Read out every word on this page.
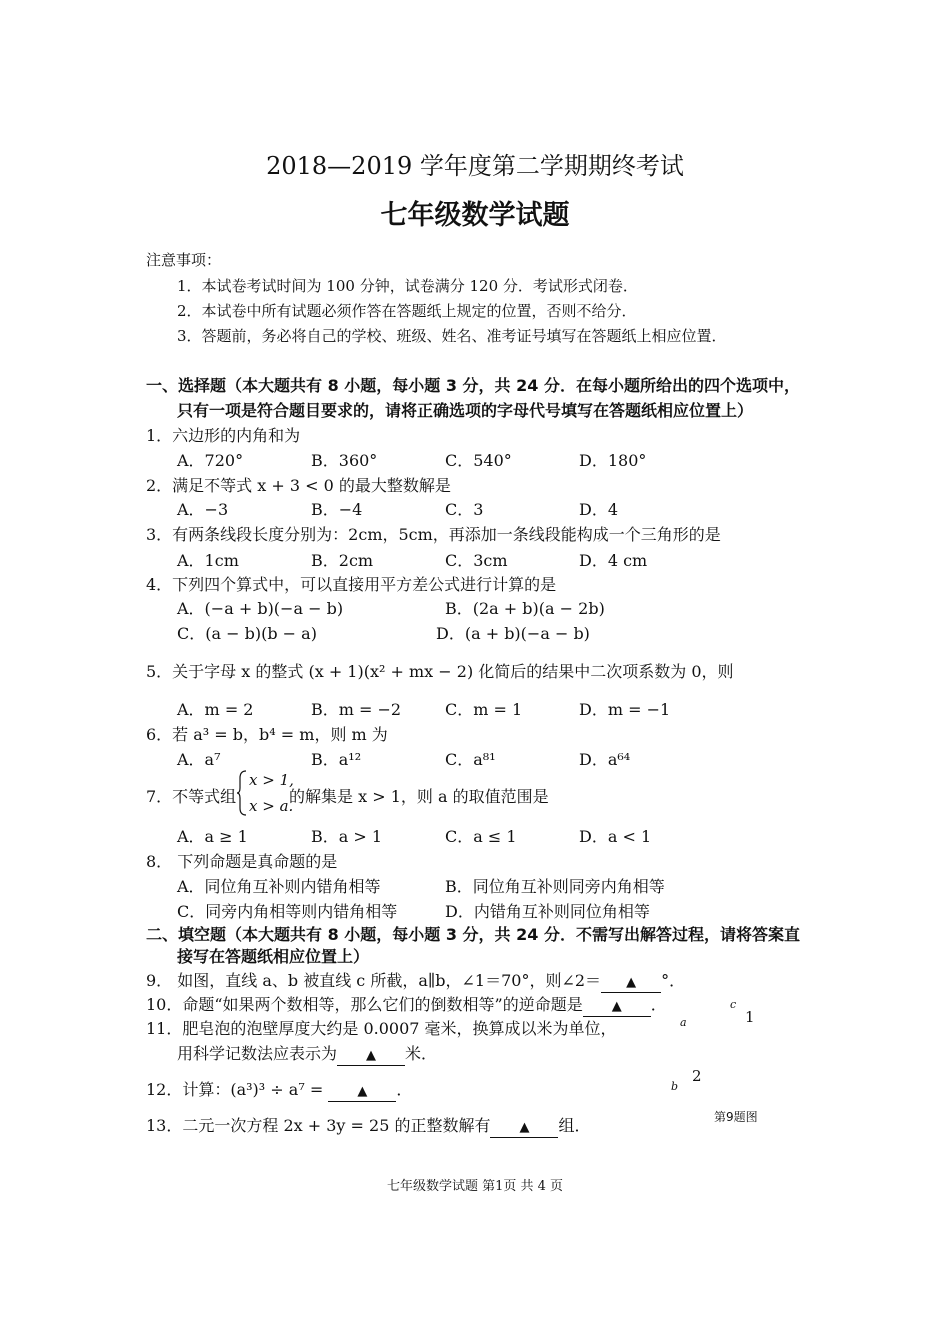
2018—2019 学年度第二学期期终考试
七年级数学试题
注意事项：
1．本试卷考试时间为 100 分钟，试卷满分 120 分．考试形式闭卷．
2．本试卷中所有试题必须作答在答题纸上规定的位置，否则不给分．
3．答题前，务必将自己的学校、班级、姓名、准考证号填写在答题纸上相应位置．
一、选择题（本大题共有 8 小题，每小题 3 分，共 24 分．在每小题所给出的四个选项中，
只有一项是符合题目要求的，请将正确选项的字母代号填写在答题纸相应位置上）
1．六边形的内角和为
A．720°	B．360°	C．540°	D．180°
2．满足不等式 x + 3 < 0 的最大整数解是
A．−3	B．−4	C．3	D．4
3．有两条线段长度分别为：2cm，5cm，再添加一条线段能构成一个三角形的是
A．1cm	B．2cm	C．3cm	D．4 cm
4．下列四个算式中，可以直接用平方差公式进行计算的是
A．(−a + b)(−a − b)	B．(2a + b)(a − 2b)
C．(a − b)(b − a)	D．(a + b)(−a − b)
5．关于字母 x 的整式 (x + 1)(x² + mx − 2) 化简后的结果中二次项系数为 0，则
A．m = 2	B．m = −2	C．m = 1	D．m = −1
6．若 a³ = b，b⁴ = m，则 m 为
A．a⁷	B．a¹²	C．a⁸¹	D．a⁶⁴
7．不等式组
x > 1,
x > a.
的解集是 x > 1，则 a 的取值范围是
A．a ≥ 1	B．a > 1	C．a ≤ 1	D．a < 1
8． 下列命题是真命题的是
A．同位角互补则内错角相等	B．同位角互补则同旁内角相等
C．同旁内角相等则内错角相等	D．内错角互补则同位角相等
二、填空题（本大题共有 8 小题，每小题 3 分，共 24 分．不需写出解答过程，请将答案直
接写在答题纸相应位置上）
9． 如图，直线 a、b 被直线 c 所截，a∥b，∠1＝70°，则∠2＝ ▲ °．
10．命题“如果两个数相等，那么它们的倒数相等”的逆命题是 ▲ ．
11．肥皂泡的泡壁厚度大约是 0.0007 毫米，换算成以米为单位，
用科学记数法应表示为 ▲ 米．
12．计算：(a³)³ ÷ a⁷ =	▲ ．
13．二元一次方程 2x + 3y = 25 的正整数解有 ▲ 组．
c
1
a
2
b
第9题图
七年级数学试题 第1页 共 4 页
